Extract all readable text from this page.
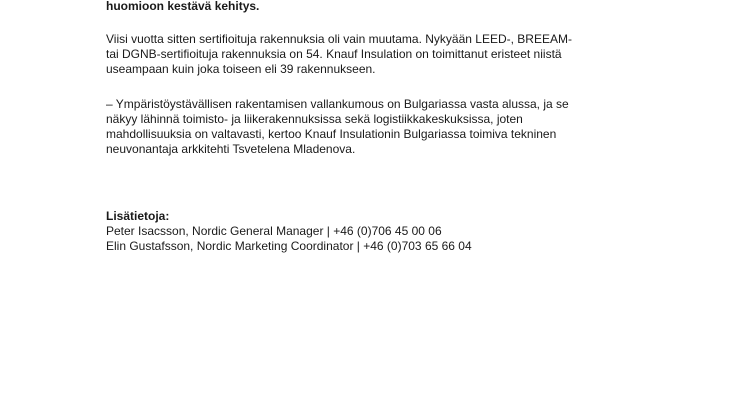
huomioon kestävä kehitys.
Viisi vuotta sitten sertifioituja rakennuksia oli vain muutama. Nykyään LEED-, BREEAM-
tai DGNB-sertifioituja rakennuksia on 54. Knauf Insulation on toimittanut eristeet niistä
useampaan kuin joka toiseen eli 39 rakennukseen.
– Ympäristöystävällisen rakentamisen vallankumous on Bulgariassa vasta alussa, ja se
näkyy lähinnä toimisto- ja liikerakennuksissa sekä logistiikkakeskuksissa, joten
mahdollisuuksia on valtavasti, kertoo Knauf Insulationin Bulgariassa toimiva tekninen
neuvonantaja arkkitehti Tsvetelena Mladenova.
Lisätietoja:
Peter Isacsson, Nordic General Manager | +46 (0)706 45 00 06
Elin Gustafsson, Nordic Marketing Coordinator | +46 (0)703 65 66 04
